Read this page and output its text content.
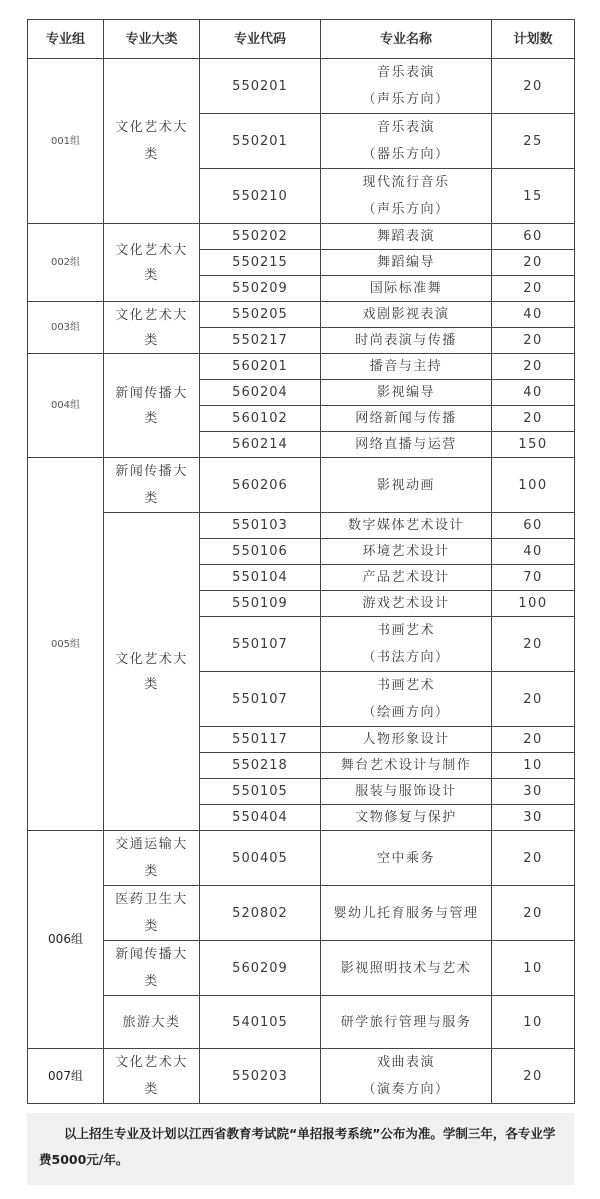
专业组	专业大类	专业代码	专业名称	计划数
001组	文化艺术大类	550201	音乐表演
（声乐方向）	20
		550201	音乐表演
（器乐方向）	25
		550210	现代流行音乐
（声乐方向）	15
002组	文化艺术大类	550202	舞蹈表演	60
		550215	舞蹈编导	20
		550209	国际标准舞	20
003组	文化艺术大类	550205	戏剧影视表演	40
		550217	时尚表演与传播	20
004组	新闻传播大类	560201	播音与主持	20
		560204	影视编导	40
		560102	网络新闻与传播	20
		560214	网络直播与运营	150
005组	新闻传播大类	560206	影视动画	100
	文化艺术大类	550103	数字媒体艺术设计	60
		550106	环境艺术设计	40
		550104	产品艺术设计	70
		550109	游戏艺术设计	100
		550107	书画艺术
（书法方向）	20
		550107	书画艺术
（绘画方向）	20
		550117	人物形象设计	20
		550218	舞台艺术设计与制作	10
		550105	服装与服饰设计	30
		550404	文物修复与保护	30
006组	交通运输大类	500405	空中乘务	20
	医药卫生大类	520802	婴幼儿托育服务与管理	20
	新闻传播大类	560209	影视照明技术与艺术	10
	旅游大类	540105	研学旅行管理与服务	10
007组	文化艺术大类	550203	戏曲表演
（演奏方向）	20
以上招生专业及计划以江西省教育考试院“单招报考系统”公布为准。学制三年，各专业学费5000元/年。
